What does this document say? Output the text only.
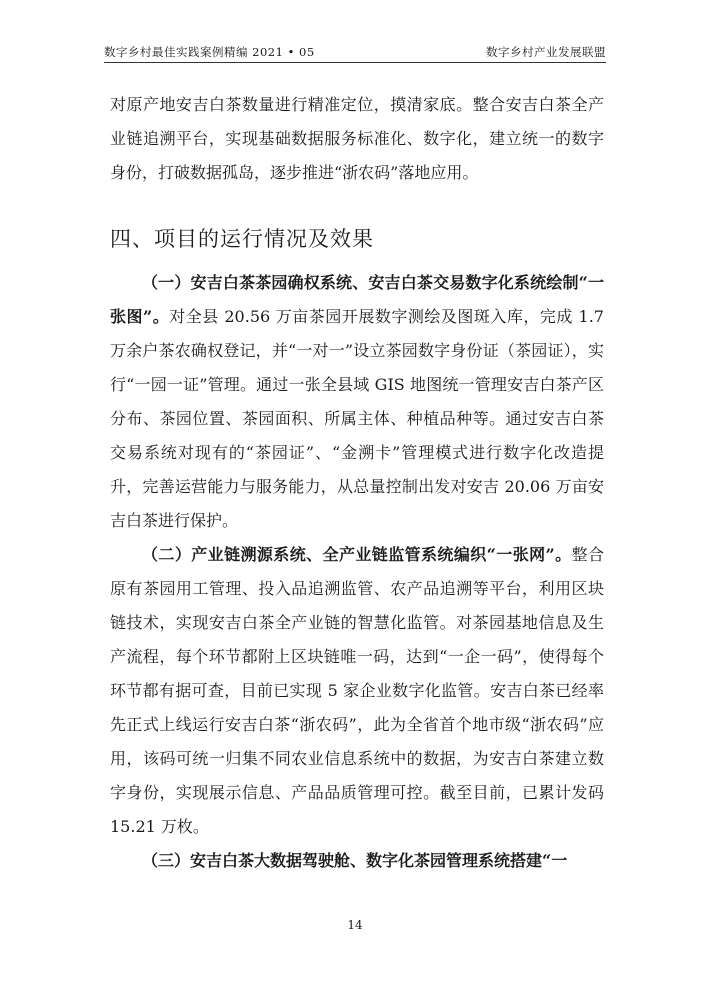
数字乡村最佳实践案例精编 2021 • 05	数字乡村产业发展联盟

对原产地安吉白茶数量进行精准定位，摸清家底。整合安吉白茶全产业链追溯平台，实现基础数据服务标准化、数字化，建立统一的数字身份，打破数据孤岛，逐步推进“浙农码”落地应用。

四、项目的运行情况及效果

（一）安吉白茶茶园确权系统、安吉白茶交易数字化系统绘制“一张图”。对全县 20.56 万亩茶园开展数字测绘及图斑入库，完成 1.7 万余户茶农确权登记，并“一对一”设立茶园数字身份证（茶园证），实行“一园一证”管理。通过一张全县域 GIS 地图统一管理安吉白茶产区分布、茶园位置、茶园面积、所属主体、种植品种等。通过安吉白茶交易系统对现有的“茶园证”、“金溯卡”管理模式进行数字化改造提升，完善运营能力与服务能力，从总量控制出发对安吉 20.06 万亩安吉白茶进行保护。

（二）产业链溯源系统、全产业链监管系统编织“一张网”。整合原有茶园用工管理、投入品追溯监管、农产品追溯等平台，利用区块链技术，实现安吉白茶全产业链的智慧化监管。对茶园基地信息及生产流程，每个环节都附上区块链唯一码，达到“一企一码”，使得每个环节都有据可查，目前已实现 5 家企业数字化监管。安吉白茶已经率先正式上线运行安吉白茶“浙农码”，此为全省首个地市级“浙农码”应用，该码可统一归集不同农业信息系统中的数据，为安吉白茶建立数字身份，实现展示信息、产品品质管理可控。截至目前，已累计发码 15.21 万枚。

（三）安吉白茶大数据驾驶舱、数字化茶园管理系统搭建“一

14
